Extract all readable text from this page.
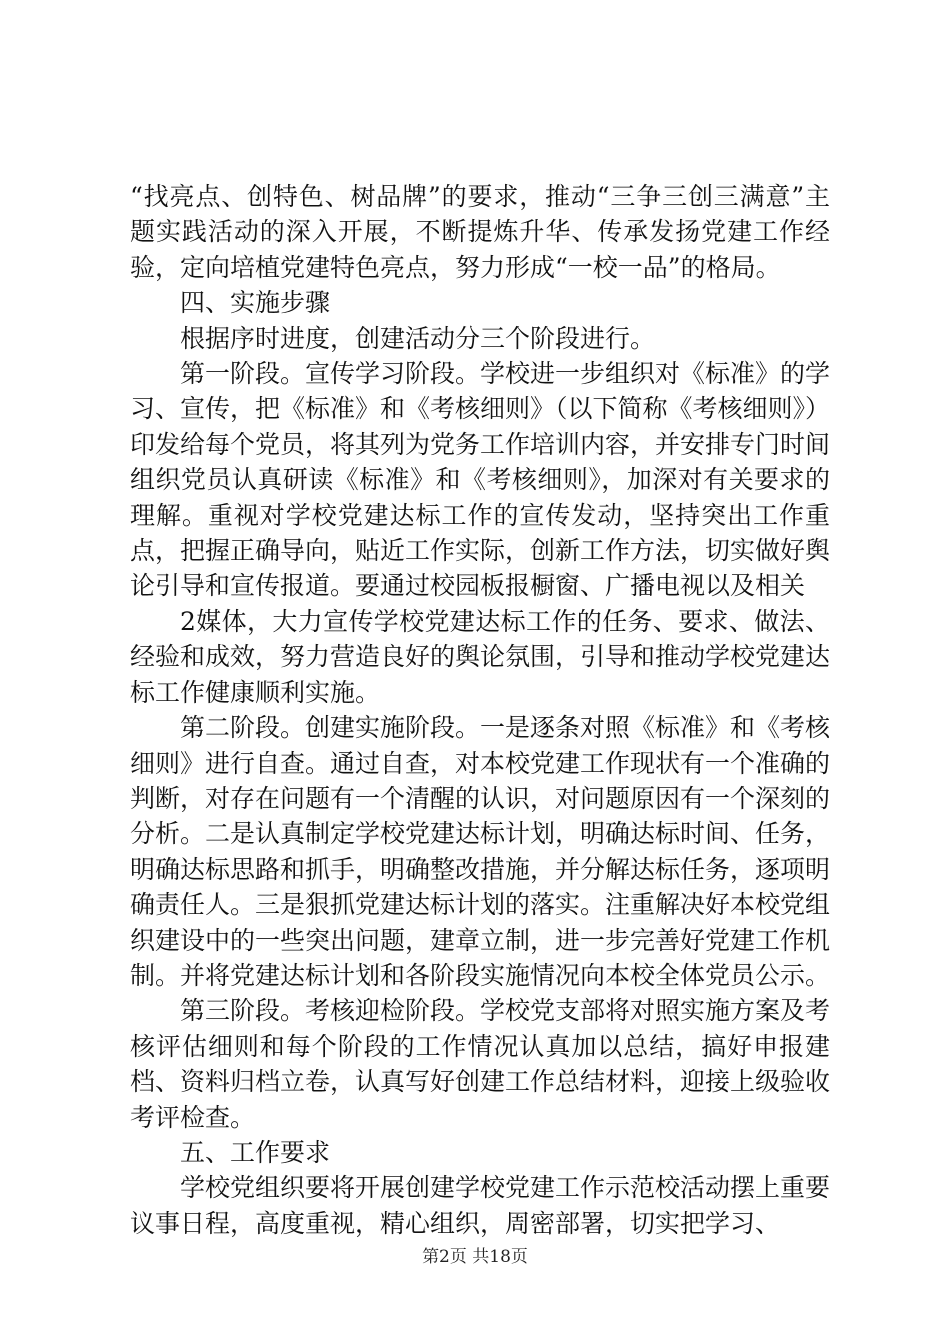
“找亮点、创特色、树品牌”的要求，推动“三争三创三满意”主题实践活动的深入开展，不断提炼升华、传承发扬党建工作经验，定向培植党建特色亮点，努力形成“一校一品”的格局。

四、实施步骤

根据序时进度，创建活动分三个阶段进行。

第一阶段。宣传学习阶段。学校进一步组织对《标准》的学习、宣传，把《标准》和《考核细则》（以下简称《考核细则》）印发给每个党员，将其列为党务工作培训内容，并安排专门时间组织党员认真研读《标准》和《考核细则》，加深对有关要求的理解。重视对学校党建达标工作的宣传发动，坚持突出工作重点，把握正确导向，贴近工作实际，创新工作方法，切实做好舆论引导和宣传报道。要通过校园板报橱窗、广播电视以及相关

2媒体，大力宣传学校党建达标工作的任务、要求、做法、经验和成效，努力营造良好的舆论氛围，引导和推动学校党建达标工作健康顺利实施。

第二阶段。创建实施阶段。一是逐条对照《标准》和《考核细则》进行自查。通过自查，对本校党建工作现状有一个准确的判断，对存在问题有一个清醒的认识，对问题原因有一个深刻的分析。二是认真制定学校党建达标计划，明确达标时间、任务，明确达标思路和抓手，明确整改措施，并分解达标任务，逐项明确责任人。三是狠抓党建达标计划的落实。注重解决好本校党组织建设中的一些突出问题，建章立制，进一步完善好党建工作机制。并将党建达标计划和各阶段实施情况向本校全体党员公示。

第三阶段。考核迎检阶段。学校党支部将对照实施方案及考核评估细则和每个阶段的工作情况认真加以总结，搞好申报建档、资料归档立卷，认真写好创建工作总结材料，迎接上级验收考评检查。

五、工作要求

学校党组织要将开展创建学校党建工作示范校活动摆上重要议事日程，高度重视，精心组织，周密部署，切实把学习、

第2页 共18页
